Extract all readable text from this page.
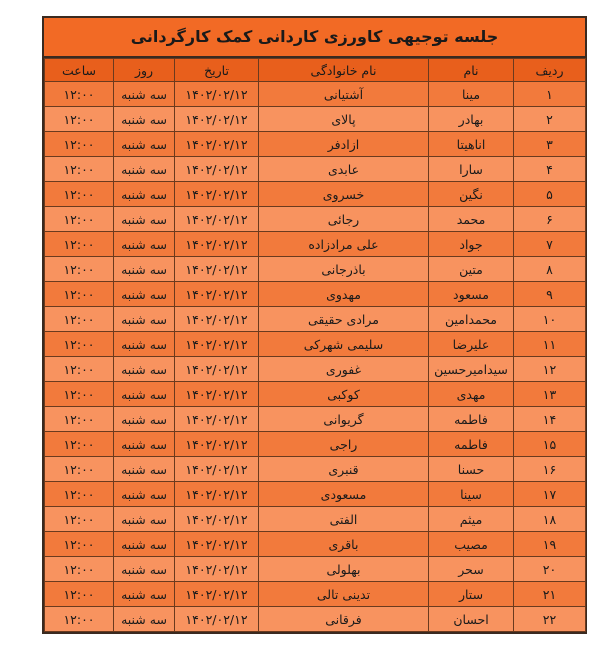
جلسه توجیهی کاورزی کاردانی کمک کارگردانی
ردیف	نام	نام خانوادگی	تاریخ	روز	ساعت
۱	مینا	آشتیانی	۱۴۰۲/۰۲/۱۲	سه شنبه	۱۲:۰۰
۲	بهادر	پالای	۱۴۰۲/۰۲/۱۲	سه شنبه	۱۲:۰۰
۳	اناهیتا	ازادفر	۱۴۰۲/۰۲/۱۲	سه شنبه	۱۲:۰۰
۴	سارا	عابدی	۱۴۰۲/۰۲/۱۲	سه شنبه	۱۲:۰۰
۵	نگین	خسروی	۱۴۰۲/۰۲/۱۲	سه شنبه	۱۲:۰۰
۶	محمد	رجائی	۱۴۰۲/۰۲/۱۲	سه شنبه	۱۲:۰۰
۷	جواد	علی مرادزاده	۱۴۰۲/۰۲/۱۲	سه شنبه	۱۲:۰۰
۸	متین	باذرجانی	۱۴۰۲/۰۲/۱۲	سه شنبه	۱۲:۰۰
۹	مسعود	مهدوی	۱۴۰۲/۰۲/۱۲	سه شنبه	۱۲:۰۰
۱۰	محمدامین	مرادی حقیقی	۱۴۰۲/۰۲/۱۲	سه شنبه	۱۲:۰۰
۱۱	علیرضا	سلیمی شهرکی	۱۴۰۲/۰۲/۱۲	سه شنبه	۱۲:۰۰
۱۲	سیدامیرحسین	غفوری	۱۴۰۲/۰۲/۱۲	سه شنبه	۱۲:۰۰
۱۳	مهدی	کوکبی	۱۴۰۲/۰۲/۱۲	سه شنبه	۱۲:۰۰
۱۴	فاطمه	گریوانی	۱۴۰۲/۰۲/۱۲	سه شنبه	۱۲:۰۰
۱۵	فاطمه	راجی	۱۴۰۲/۰۲/۱۲	سه شنبه	۱۲:۰۰
۱۶	حسنا	قنبری	۱۴۰۲/۰۲/۱۲	سه شنبه	۱۲:۰۰
۱۷	سینا	مسعودی	۱۴۰۲/۰۲/۱۲	سه شنبه	۱۲:۰۰
۱۸	میثم	الفتی	۱۴۰۲/۰۲/۱۲	سه شنبه	۱۲:۰۰
۱۹	مصیب	باقری	۱۴۰۲/۰۲/۱۲	سه شنبه	۱۲:۰۰
۲۰	سحر	بهلولی	۱۴۰۲/۰۲/۱۲	سه شنبه	۱۲:۰۰
۲۱	ستار	تدینی تالی	۱۴۰۲/۰۲/۱۲	سه شنبه	۱۲:۰۰
۲۲	احسان	فرقانی	۱۴۰۲/۰۲/۱۲	سه شنبه	۱۲:۰۰
